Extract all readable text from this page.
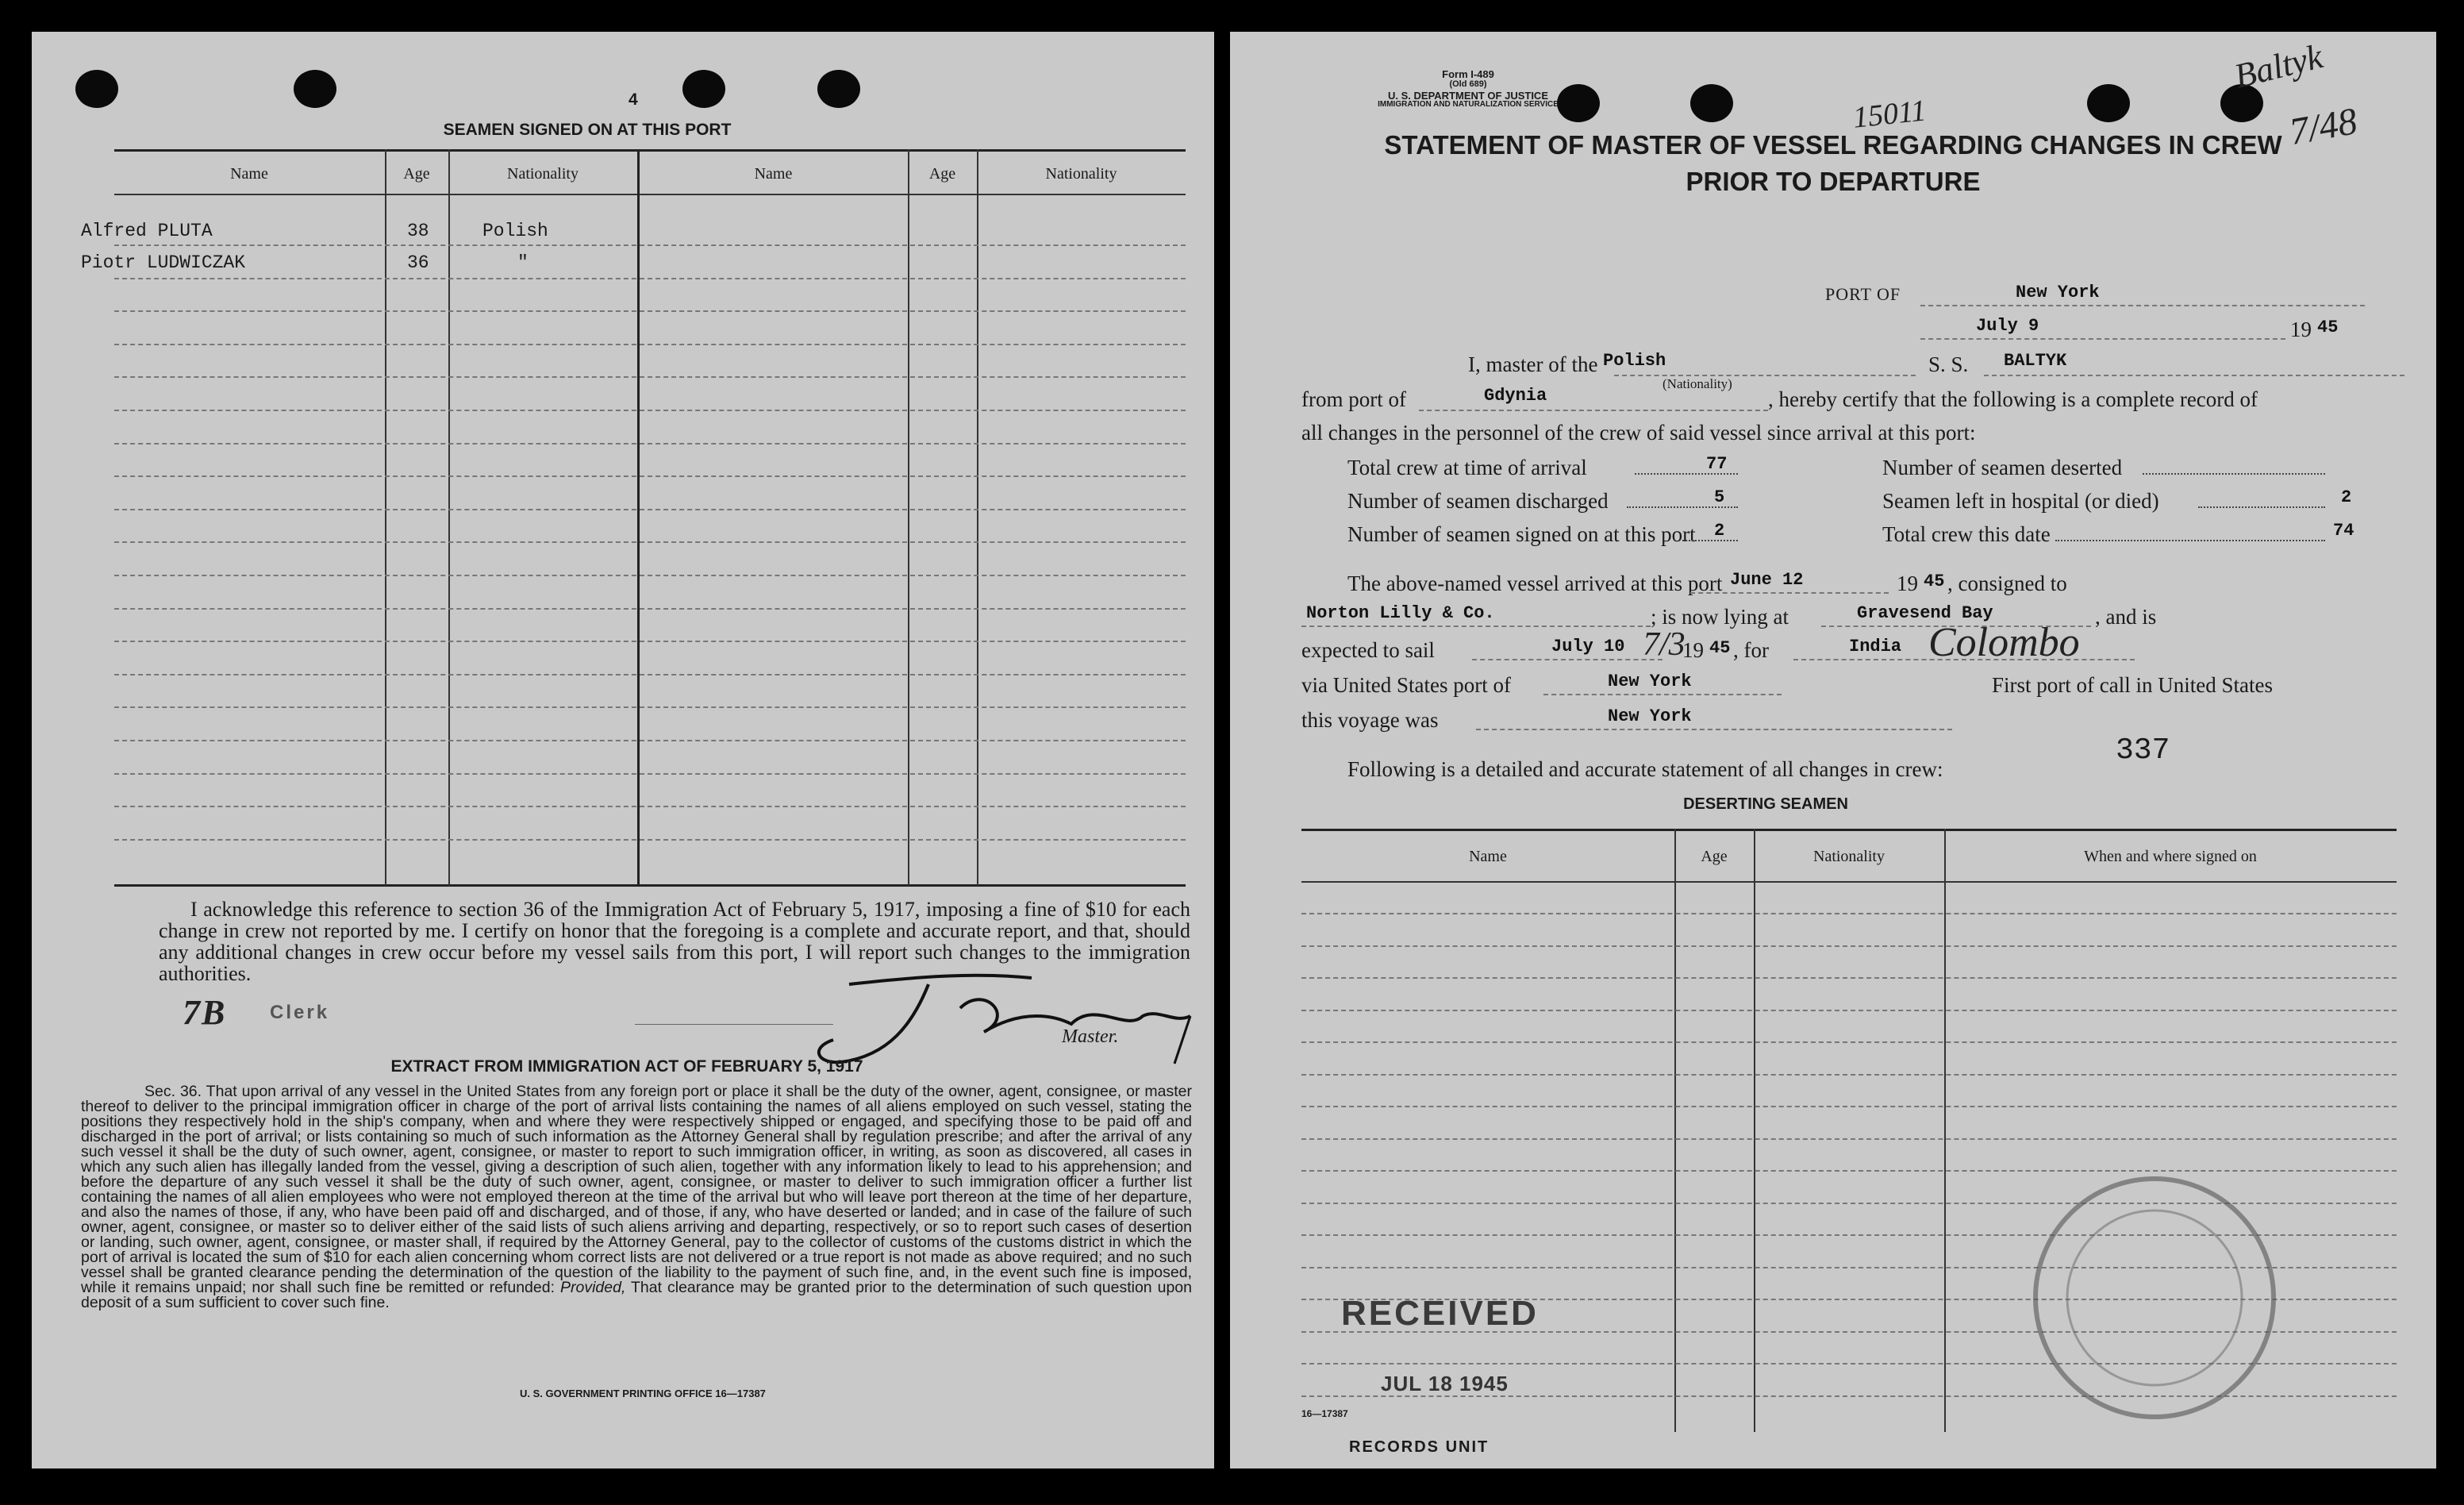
4
SEAMEN SIGNED ON AT THIS PORT
Name	Age	Nationality	Name	Age	Nationality
Alfred PLUTA	38	Polish
Piotr LUDWICZAK	36	"
I acknowledge this reference to section 36 of the Immigration Act of February 5, 1917, imposing a fine of $10 for each change in crew not reported by me. I certify on honor that the foregoing is a complete and accurate report, and that, should any additional changes in crew occur before my vessel sails from this port, I will report such changes to the immigration authorities.
7B Clerk
Master.
EXTRACT FROM IMMIGRATION ACT OF FEBRUARY 5, 1917
Sec. 36. That upon arrival of any vessel in the United States from any foreign port or place it shall be the duty of the owner, agent, consignee, or master thereof to deliver to the principal immigration officer in charge of the port of arrival lists containing the names of all aliens employed on such vessel, stating the positions they respectively hold in the ship's company, when and where they were respectively shipped or engaged, and specifying those to be paid off and discharged in the port of arrival; or lists containing so much of such information as the Attorney General shall by regulation prescribe; and after the arrival of any such vessel it shall be the duty of such owner, agent, consignee, or master to report to such immigration officer, in writing, as soon as discovered, all cases in which any such alien has illegally landed from the vessel, giving a description of such alien, together with any information likely to lead to his apprehension; and before the departure of any such vessel it shall be the duty of such owner, agent, consignee, or master to deliver to such immigration officer a further list containing the names of all alien employees who were not employed thereon at the time of the arrival but who will leave port thereon at the time of her departure, and also the names of those, if any, who have been paid off and discharged, and of those, if any, who have deserted or landed; and in case of the failure of such owner, agent, consignee, or master so to deliver either of the said lists of such aliens arriving and departing, respectively, or so to report such cases of desertion or landing, such owner, agent, consignee, or master shall, if required by the Attorney General, pay to the collector of customs of the customs district in which the port of arrival is located the sum of $10 for each alien concerning whom correct lists are not delivered or a true report is not made as above required; and no such vessel shall be granted clearance pending the determination of the question of the liability to the payment of such fine, and, in the event such fine is imposed, while it remains unpaid; nor shall such fine be remitted or refunded: Provided, That clearance may be granted prior to the determination of such question upon deposit of a sum sufficient to cover such fine.
U. S. GOVERNMENT PRINTING OFFICE 16—17387
Form I-489
(Old 689)
U. S. DEPARTMENT OF JUSTICE
IMMIGRATION AND NATURALIZATION SERVICE	15011
Baltyk
7/48
STATEMENT OF MASTER OF VESSEL REGARDING CHANGES IN CREW
PRIOR TO DEPARTURE
PORT OF	New York
July 9	19 45
I, master of the Polish
(Nationality)
S. S. BALTYK
from port of	Gdynia	, hereby certify that the following is a complete record of
all changes in the personnel of the crew of said vessel since arrival at this port:
Total crew at time of arrival	77
Number of seamen discharged	5
Number of seamen signed on at this port 2
Number of seamen deserted
Seamen left in hospital (or died)	2
Total crew this date	74
The above-named vessel arrived at this port June 12	19 45 , consigned to
Norton Lilly & Co.	; is now lying at	Gravesend Bay	, and is
expected to sail	July 10 7/3
19 45 , for	India Colombo
via United States port of	New York	First port of call in United States
this voyage was	New York
337
Following is a detailed and accurate statement of all changes in crew:
DESERTING SEAMEN
Name	Age	Nationality	When and where signed on
RECEIVED
JUL 18 1945
16—17387
RECORDS UNIT
